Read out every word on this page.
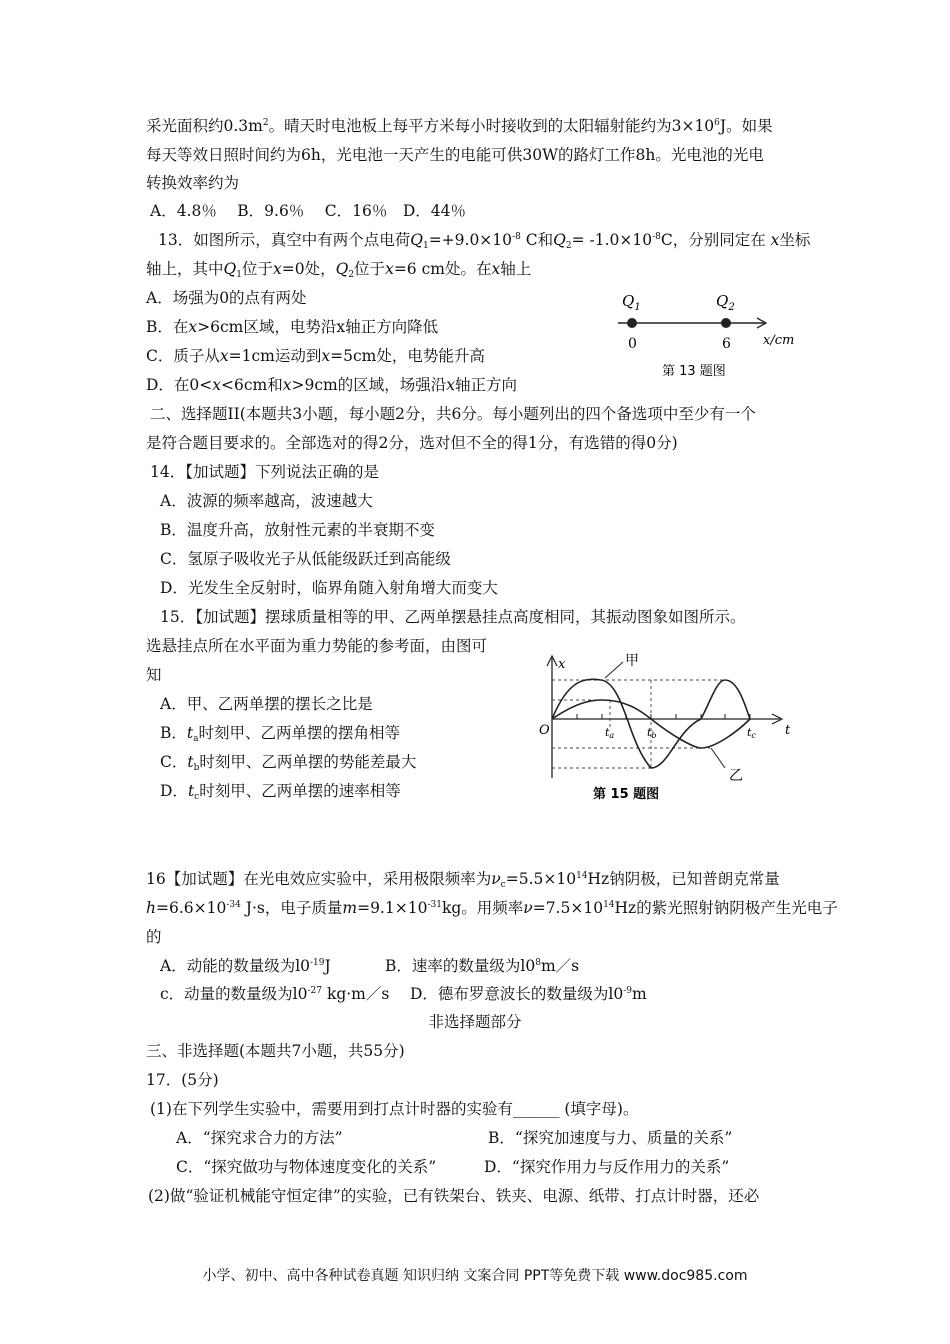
采光面积约$0.3m^2$。晴天时电池板上每平方米每小时接收到的太阳辐射能约为$3\times 10^6J$。如果
每天等效日照时间约为6h，光电池一天产生的电能可供30W的路灯工作8h。光电池的光电
转换效率约为
A．4.8％　 B．9.6％　 C．16％　D．44％
13．如图所示，真空中有两个点电荷$Q_1=+9.0\times 10^{-8}$ C和$Q_2= -1.0\times 10^{-8}C$，分别同定在 x坐标
轴上，其中$Q_1$位于x=0处，$Q_2$位于x=6 cm处。在x轴上
A．场强为0的点有两处
B．在x>6cm区域，电势沿x轴正方向降低
C．质子从x=1cm运动到x=5cm处，电势能升高
D．在0<x<6cm和x>9cm的区域，场强沿x轴正方向
$Q_1$	$Q_2$
0	6 x/cm
第 13 题图
二、选择题II(本题共3小题，每小题2分，共6分。每小题列出的四个备选项中至少有一个
是符合题目要求的。全部选对的得2分，选对但不全的得1分，有选错的得0分)
14．【加试题】下列说法正确的是
A．波源的频率越高，波速越大
B．温度升高，放射性元素的半衰期不变
C．氢原子吸收光子从低能级跃迁到高能级
D．光发生全反射时，临界角随入射角增大而变大
15．【加试题】摆球质量相等的甲、乙两单摆悬挂点高度相同，其振动图象如图所示。
选悬挂点所在水平面为重力势能的参考面，由图可
知
A．甲、乙两单摆的摆长之比是
B．$t_a$时刻甲、乙两单摆的摆角相等
C．$t_b$时刻甲、乙两单摆的势能差最大
D．$t_c$时刻甲、乙两单摆的速率相等
x
t
O
甲
乙
ta	tb	tc
第 15 题图
16【加试题】在光电效应实验中，采用极限频率为$\nu_c=5.5\times 10^{14}Hz$钠阴极，已知普朗克常量
$h=6.6\times 10^{-34}$ J·s，电子质量$m=9.1\times 10^{-31}kg$。用频率$\nu=7.5\times 10^{14}Hz$的紫光照射钠阴极产生光电子
的
A．动能的数量级为$l0^{-19}J$	B．速率的数量级为$l0^8m/s$
c．动量的数量级为$l0^{-27}$ kg·m／s D．德布罗意波长的数量级为$l0^{-9}m$
非选择题部分
三、非选择题(本题共7小题，共55分)
17．(5分)
(1)在下列学生实验中，需要用到打点计时器的实验有______ (填字母)。
A．“探究求合力的方法”	B．“探究加速度与力、质量的关系”
C．“探究做功与物体速度变化的关系”	D．“探究作用力与反作用力的关系”
(2)做“验证机械能守恒定律”的实验，已有铁架台、铁夹、电源、纸带、打点计时器，还必
小学、初中、高中各种试卷真题 知识归纳 文案合同 PPT等免费下载 www.doc985.com
